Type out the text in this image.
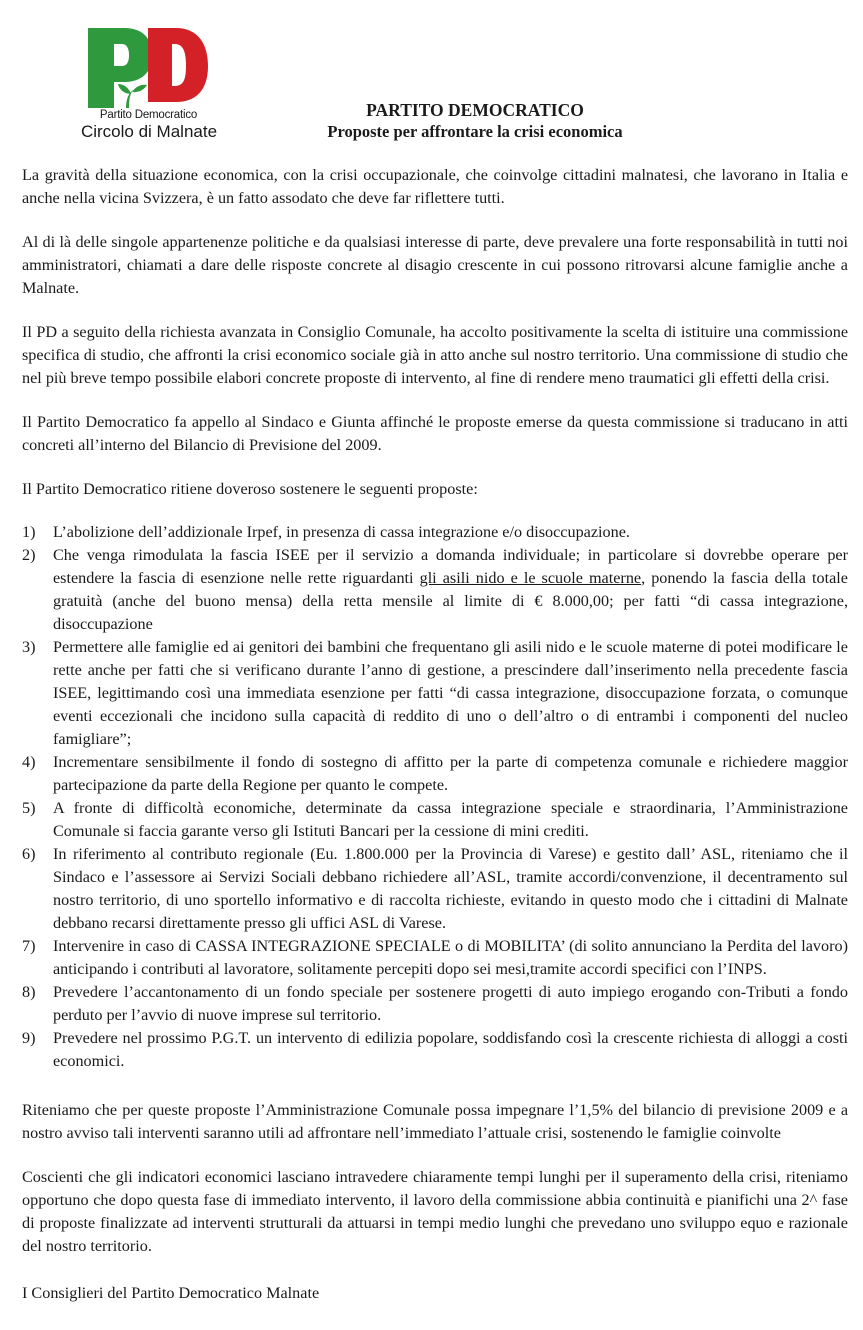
Partito Democratico
Circolo di Malnate
PARTITO DEMOCRATICO
Proposte per affrontare la crisi economica

La gravità della situazione economica, con la crisi occupazionale, che coinvolge cittadini malnatesi, che lavorano in Italia e anche nella vicina Svizzera, è un fatto assodato che deve far riflettere tutti.

Al di là delle singole appartenenze politiche e da qualsiasi interesse di parte, deve prevalere una forte responsabilità in tutti noi amministratori, chiamati a dare delle risposte concrete al disagio crescente in cui possono ritrovarsi alcune famiglie anche a Malnate.

Il PD a seguito della richiesta avanzata in Consiglio Comunale, ha accolto positivamente la scelta di istituire una commissione specifica di studio, che affronti la crisi economico sociale già in atto anche sul nostro territorio. Una commissione di studio che nel più breve tempo possibile elabori concrete proposte di intervento, al fine di rendere meno traumatici gli effetti della crisi.

Il Partito Democratico fa appello al Sindaco e Giunta affinché le proposte emerse da questa commissione si traducano in atti concreti all’interno del Bilancio di Previsione del 2009.

Il Partito Democratico ritiene doveroso sostenere le seguenti proposte:

1) L’abolizione dell’addizionale Irpef, in presenza di cassa integrazione e/o disoccupazione.
2) Che venga rimodulata la fascia ISEE per il servizio a domanda individuale; in particolare si dovrebbe operare per estendere la fascia di esenzione nelle rette riguardanti gli asili nido e le scuole materne, ponendo la fascia della totale gratuità (anche del buono mensa) della retta mensile al limite di € 8.000,00; per fatti “di cassa integrazione, disoccupazione
3) Permettere alle famiglie ed ai genitori dei bambini che frequentano gli asili nido e le scuole materne di potei modificare le rette anche per fatti che si verificano durante l’anno di gestione, a prescindere dall’inserimento nella precedente fascia ISEE, legittimando così una immediata esenzione per fatti “di cassa integrazione, disoccupazione forzata, o comunque eventi eccezionali che incidono sulla capacità di reddito di uno o dell’altro o di entrambi i componenti del nucleo famigliare”;
4) Incrementare sensibilmente il fondo di sostegno di affitto per la parte di competenza comunale e richiedere maggior partecipazione da parte della Regione per quanto le compete.
5) A fronte di difficoltà economiche, determinate da cassa integrazione speciale e straordinaria, l’Amministrazione Comunale si faccia garante verso gli Istituti Bancari per la cessione di mini crediti.
6) In riferimento al contributo regionale (Eu. 1.800.000 per la Provincia di Varese) e gestito dall’ ASL, riteniamo che il Sindaco e l’assessore ai Servizi Sociali debbano richiedere all’ASL, tramite accordi/convenzione, il decentramento sul nostro territorio, di uno sportello informativo e di raccolta richieste, evitando in questo modo che i cittadini di Malnate debbano recarsi direttamente presso gli uffici ASL di Varese.
7) Intervenire in caso di CASSA INTEGRAZIONE SPECIALE o di MOBILITA’ (di solito annunciano la Perdita del lavoro) anticipando i contributi al lavoratore, solitamente percepiti dopo sei mesi,tramite accordi specifici con l’INPS.
8) Prevedere l’accantonamento di un fondo speciale per sostenere progetti di auto impiego erogando con-Tributi a fondo perduto per l’avvio di nuove imprese sul territorio.
9) Prevedere nel prossimo P.G.T. un intervento di edilizia popolare, soddisfando così la crescente richiesta di alloggi a costi economici.

Riteniamo che per queste proposte l’Amministrazione Comunale possa impegnare l’1,5% del bilancio di previsione 2009 e a nostro avviso tali interventi saranno utili ad affrontare nell’immediato l’attuale crisi, sostenendo le famiglie coinvolte

Coscienti che gli indicatori economici lasciano intravedere chiaramente tempi lunghi per il superamento della crisi, riteniamo opportuno che dopo questa fase di immediato intervento, il lavoro della commissione abbia continuità e pianifichi una 2^ fase di proposte finalizzate ad interventi strutturali da attuarsi in tempi medio lunghi che prevedano uno sviluppo equo e razionale del nostro territorio.

I Consiglieri del Partito Democratico Malnate
